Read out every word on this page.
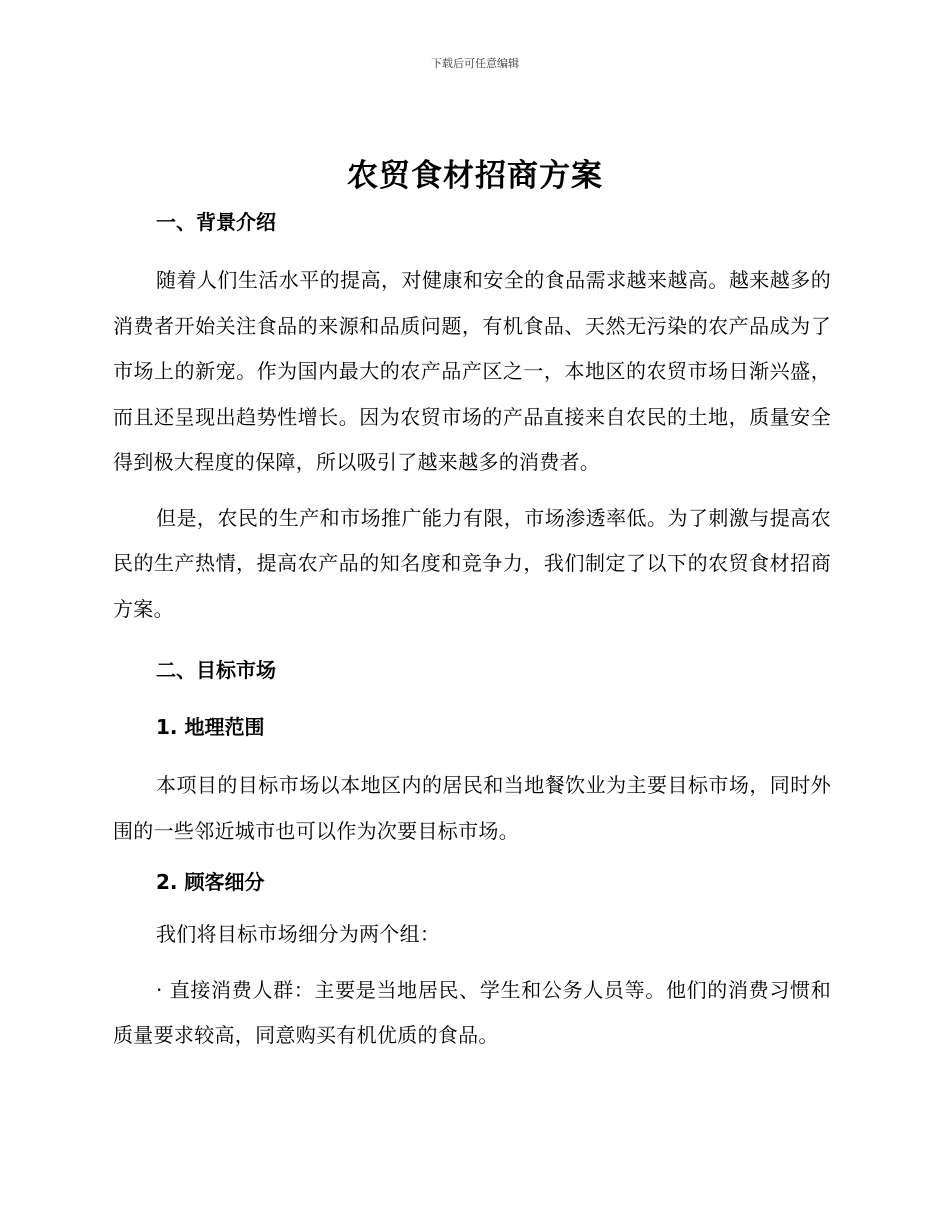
下载后可任意编辑
农贸食材招商方案
一、背景介绍

随着人们生活水平的提高，对健康和安全的食品需求越来越高。越来越多的消费者开始关注食品的来源和品质问题，有机食品、天然无污染的农产品成为了市场上的新宠。作为国内最大的农产品产区之一，本地区的农贸市场日渐兴盛，而且还呈现出趋势性增长。因为农贸市场的产品直接来自农民的土地，质量安全得到极大程度的保障，所以吸引了越来越多的消费者。

但是，农民的生产和市场推广能力有限，市场渗透率低。为了刺激与提高农民的生产热情，提高农产品的知名度和竞争力，我们制定了以下的农贸食材招商方案。

二、目标市场
1. 地理范围

本项目的目标市场以本地区内的居民和当地餐饮业为主要目标市场，同时外围的一些邻近城市也可以作为次要目标市场。

2. 顾客细分

我们将目标市场细分为两个组：

· 直接消费人群：主要是当地居民、学生和公务人员等。他们的消费习惯和质量要求较高，同意购买有机优质的食品。
